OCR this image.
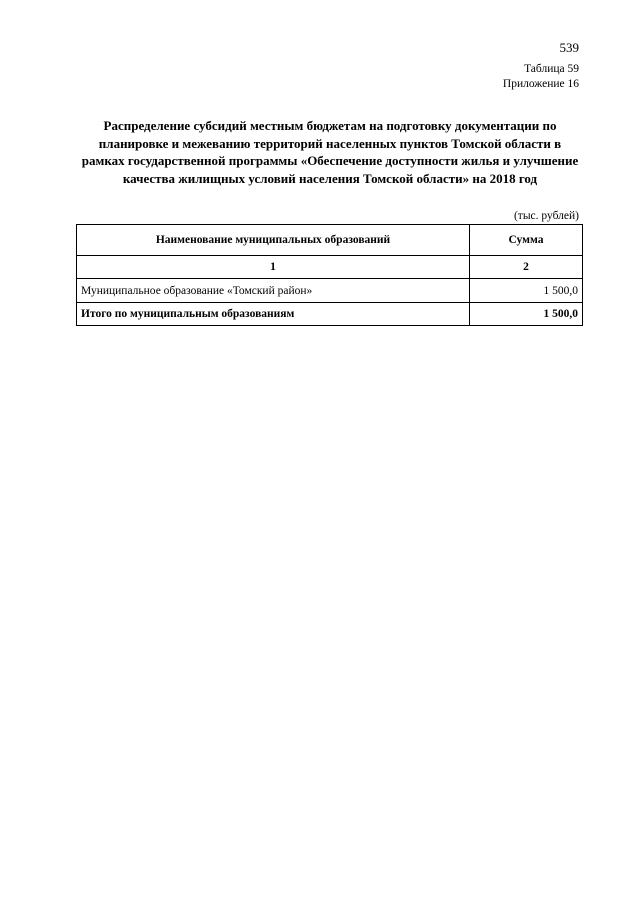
539
Таблица 59
Приложение 16
Распределение субсидий местным бюджетам на подготовку документации по планировке и межеванию территорий населенных пунктов Томской области в рамках государственной программы «Обеспечение доступности жилья и улучшение качества жилищных условий населения Томской области» на 2018 год
(тыс. рублей)
Наименование муниципальных образований	Сумма
1	2
Муниципальное образование «Томский район»	1 500,0
Итого по муниципальным образованиям	1 500,0
